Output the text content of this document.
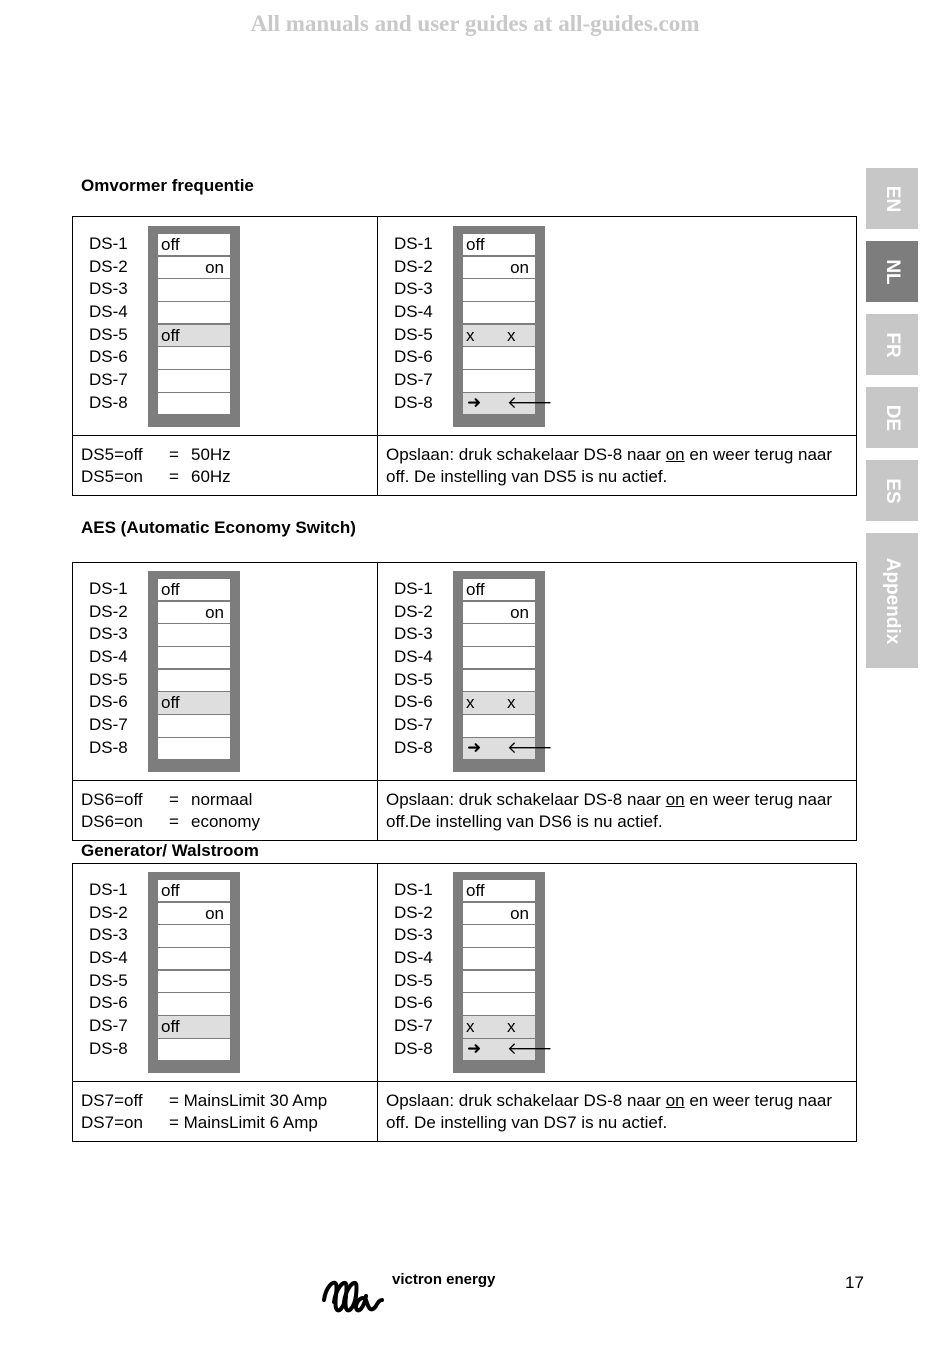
All manuals and user guides at all-guides.com
Omvormer frequentie
DS-1
DS-2
DS-3
DS-4
DS-5
DS-6
DS-7
DS-8
off
on
off
DS-1
DS-2
DS-3
DS-4
DS-5
DS-6
DS-7
DS-8
off
on
x x
➜ 🡐
DS5=off = 50Hz
DS5=on = 60Hz
Opslaan: druk schakelaar DS-8 naar on en weer terug naar off. De instelling van DS5 is nu actief.
AES (Automatic Economy Switch)
DS-1
DS-2
DS-3
DS-4
DS-5
DS-6
DS-7
DS-8
off
on
off
DS-1
DS-2
DS-3
DS-4
DS-5
DS-6
DS-7
DS-8
off
on
x x
➜ 🡐
DS6=off = normaal
DS6=on = economy
Opslaan: druk schakelaar DS-8 naar on en weer terug naar off.De instelling van DS6 is nu actief.
Generator/ Walstroom
DS-1
DS-2
DS-3
DS-4
DS-5
DS-6
DS-7
DS-8
off
on
off
DS-1
DS-2
DS-3
DS-4
DS-5
DS-6
DS-7
DS-8
off
on
x x
➜ 🡐
DS7=off = MainsLimit 30 Amp
DS7=on = MainsLimit 6 Amp
Opslaan: druk schakelaar DS-8 naar on en weer terug naar off. De instelling van DS7 is nu actief.
EN
NL
FR
DE
ES
Appendix
victron energy	17
